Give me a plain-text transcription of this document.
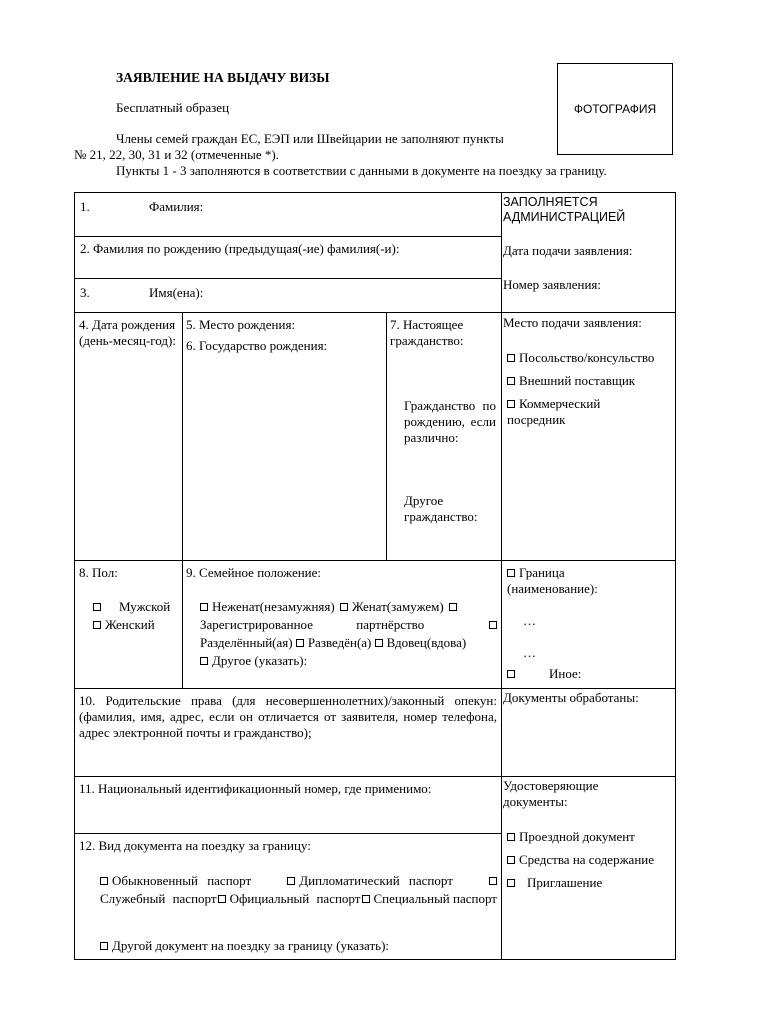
ЗАЯВЛЕНИЕ НА ВЫДАЧУ ВИЗЫ
Бесплатный образец

Члены семей граждан ЕС, ЕЭП или Швейцарии не заполняют пункты

№ 21, 22, 30, 31 и 32 (отмеченные *).

Пункты 1 - 3 заполняются в соответствии с данными в документе на поездку за границу.

ФОТОГРАФИЯ
1.	Фамилия:
2. Фамилия по рождению (предыдущая(-ие) фамилия(-и):
3.	Имя(ена):
4. Дата рождения (день-месяц-год):
5. Место рождения:
6. Государство рождения:
7. Настоящее гражданство:
Гражданство по рождению, если различно:
Другое гражданство:
8. Пол:
Мужской
Женский
9. Семейное положение:
Неженат(незамужняя) Женат(замужем)
Зарегистрированное партнёрство
Разделённый(ая) Разведён(а) Вдовец(вдова)
Другое (указать):
10. Родительские права (для несовершеннолетних)/законный опекун: (фамилия, имя, адрес, если он отличается от заявителя, номер телефона, адрес электронной почты и гражданство);
11. Национальный идентификационный номер, где применимо:
12. Вид документа на поездку за границу:
Обыкновенный паспорт	Дипломатический паспорт
Служебный паспорт	Официальный паспорт	Специальный паспорт
Другой документ на поездку за границу (указать):
ЗАПОЛНЯЕТСЯ АДМИНИСТРАЦИЕЙ
Дата подачи заявления:
Номер заявления:
Место подачи заявления:
Посольство/консульство
Внешний поставщик
Коммерческий посредник
Граница (наименование):
…
…
Иное:
Документы обработаны:
Удостоверяющие документы:
Проездной документ
Средства на содержание
Приглашение
